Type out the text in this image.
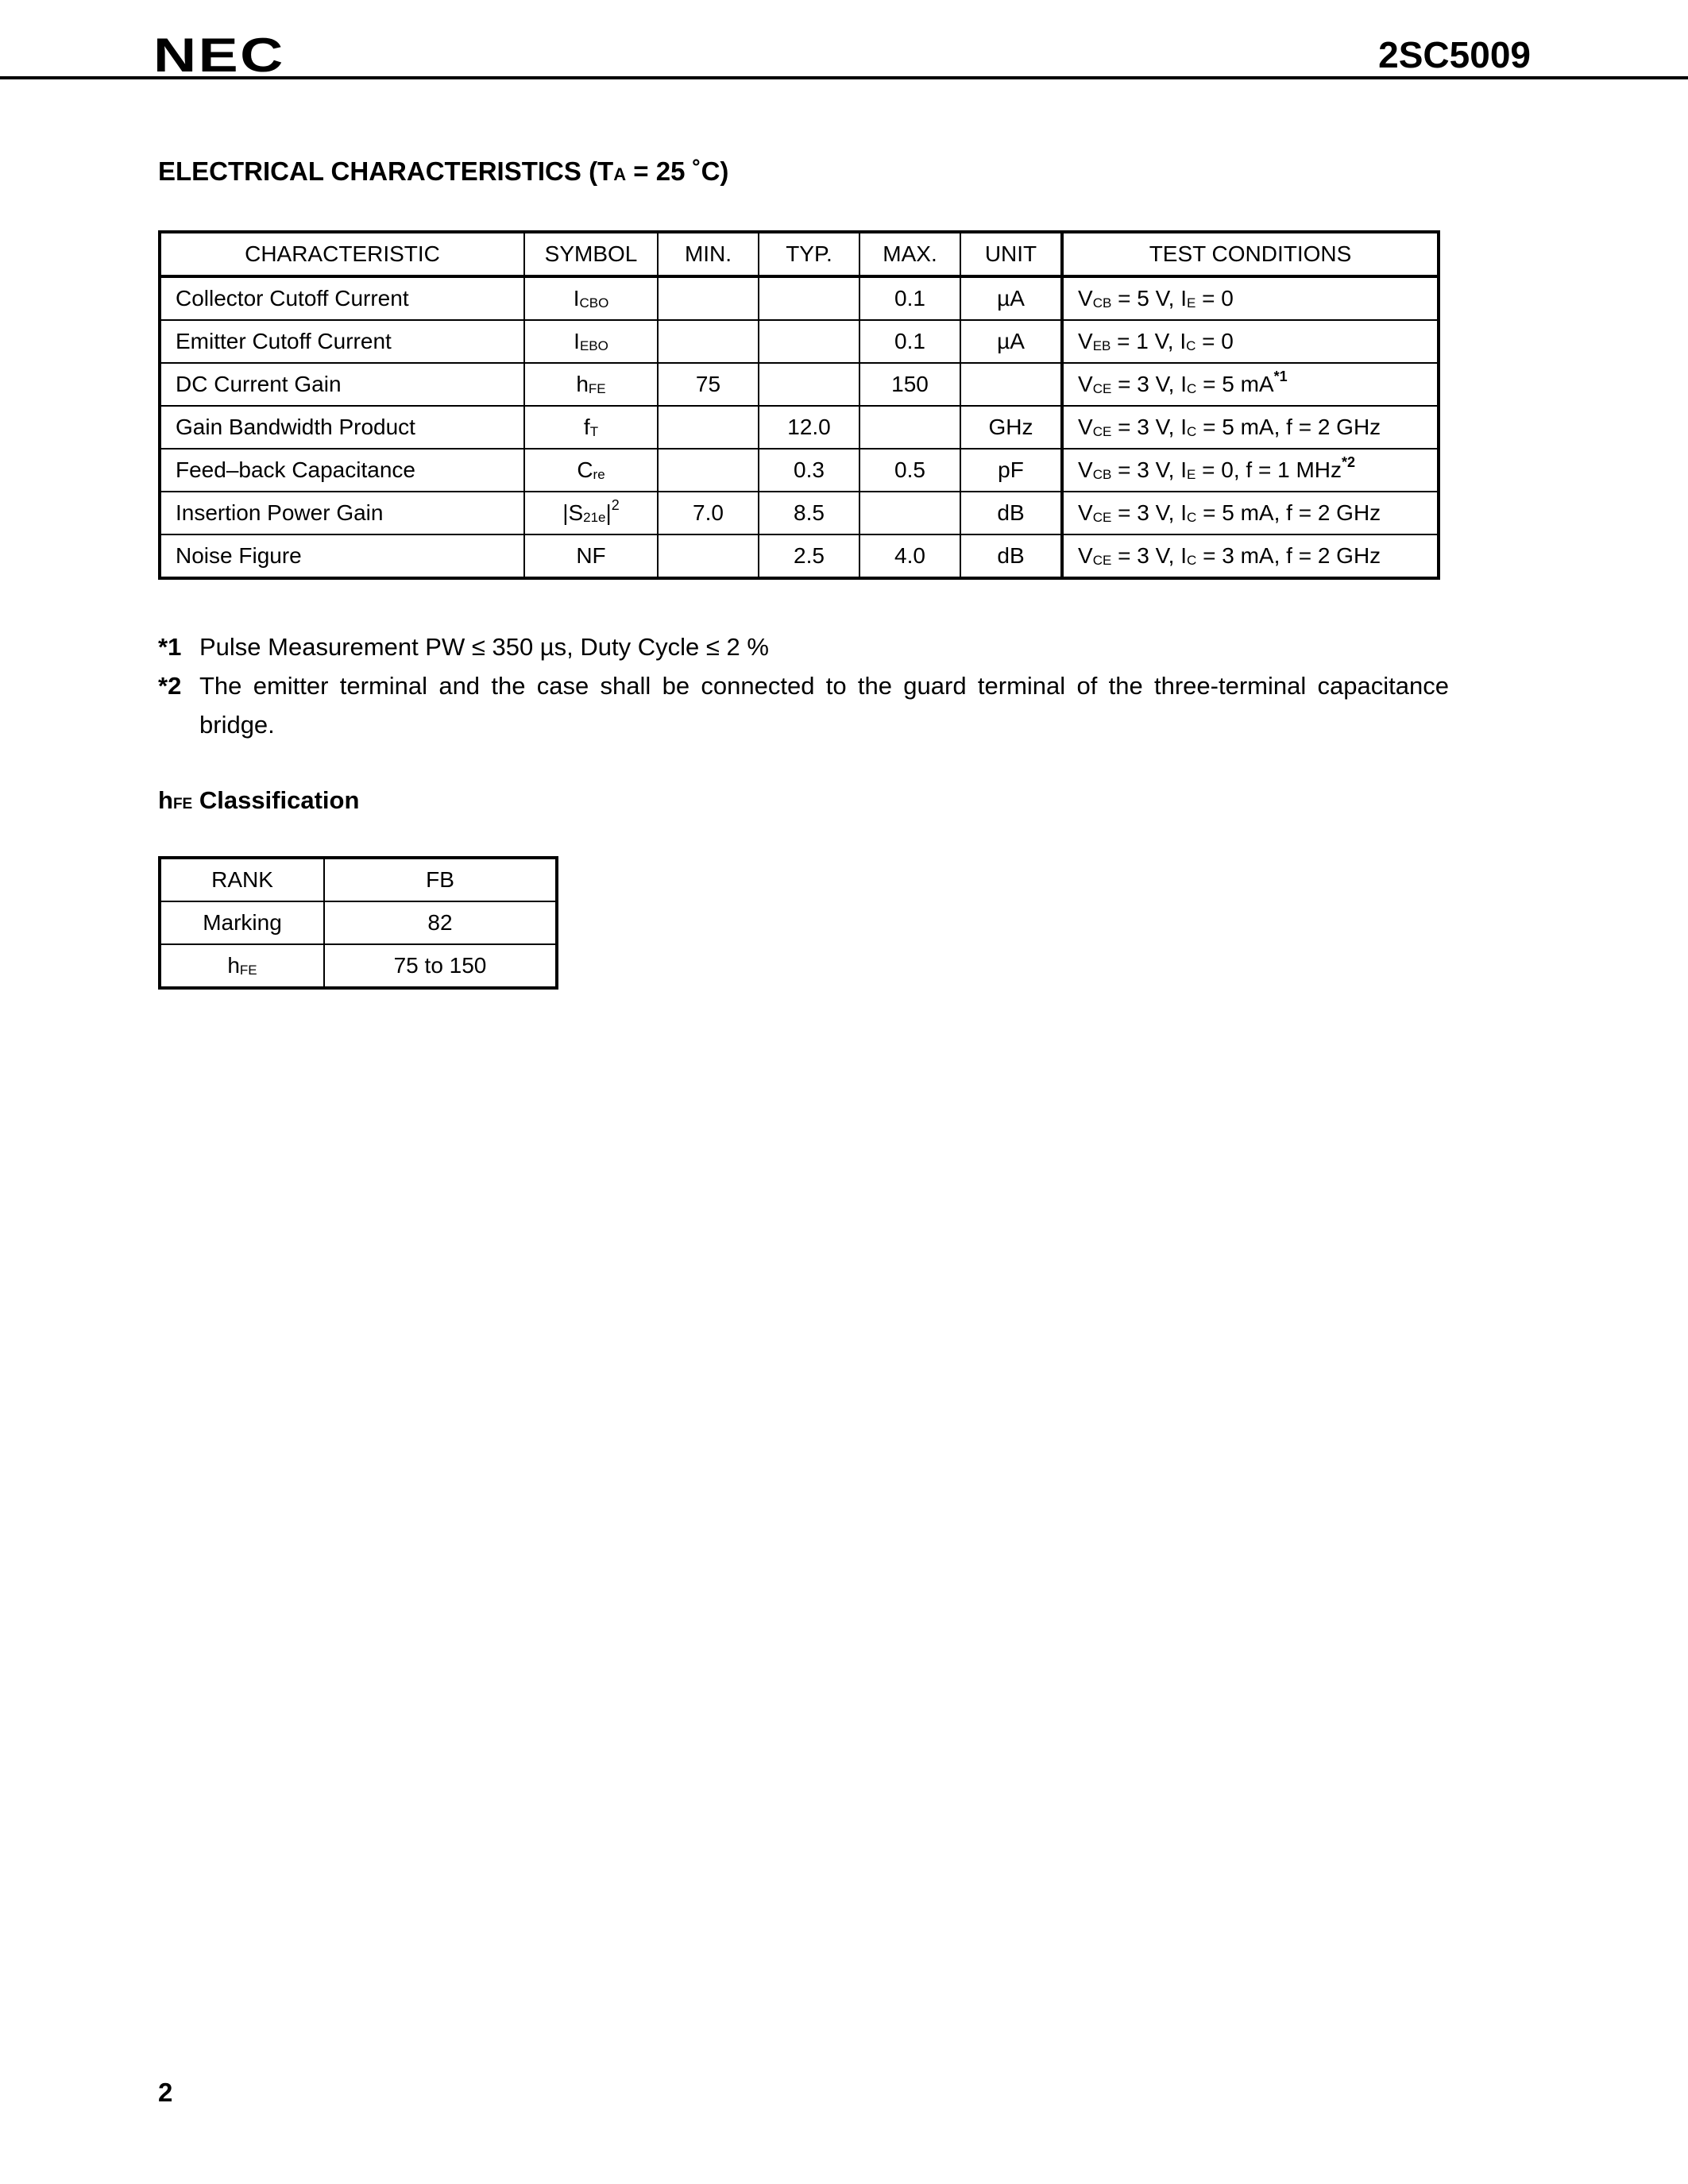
NEC	2SC5009
ELECTRICAL CHARACTERISTICS (TA = 25 ˚C)
CHARACTERISTIC	SYMBOL	MIN.	TYP.	MAX.	UNIT	TEST CONDITIONS
Collector Cutoff Current	$I_{CBO}$			0.1	µA	$V_{CB} = 5$ V, $I_E = 0$
Emitter Cutoff Current	$I_{EBO}$			0.1	µA	$V_{EB} = 1$ V, $I_C = 0$
DC Current Gain	$h_{FE}$	75		150		$V_{CE} = 3$ V, $I_C = 5$ $mA^{*1}$
Gain Bandwidth Product	$f_T$		12.0		GHz	$V_{CE} = 3$ V, $I_C = 5$ mA, f = 2 GHz
Feed–back Capacitance	$C_{re}$		0.3	0.5	pF	$V_{CB} = 3$ V, $I_E = 0$, f = 1 MHz$^{*2}$
Insertion Power Gain	$|S_{21e}|^2$	7.0	8.5		dB	$V_{CE} = 3$ V, $I_C = 5$ mA, f = 2 GHz
Noise Figure	NF		2.5	4.0	dB	$V_{CE} = 3$ V, $I_C = 3$ mA, f = 2 GHz
*1 Pulse Measurement PW ≤ 350 µs, Duty Cycle ≤ 2 %
*2 The emitter terminal and the case shall be connected to the guard terminal of the three-terminal capacitance bridge.
hFE Classification
RANK	FB
Marking	82
$h_{FE}$	75 to 150
2
